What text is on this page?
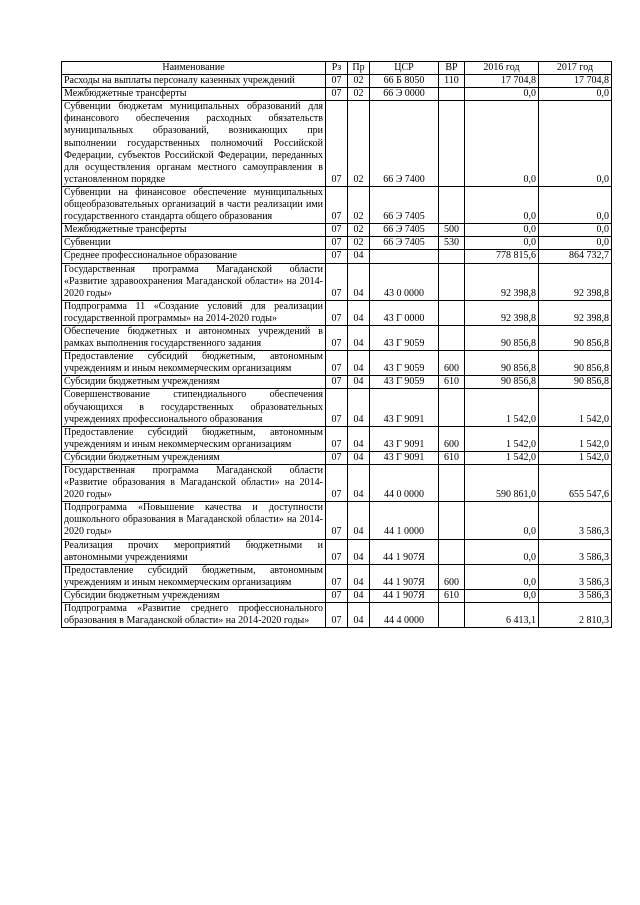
Наименование	Рз	Пр	ЦСР	ВР	2016 год	2017 год
Расходы на выплаты персоналу казенных учреждений	07	02	66 Б 8050	110	17 704,8	17 704,8
Межбюджетные трансферты	07	02	66 Э 0000		0,0	0,0
Субвенции бюджетам муниципальных образований для финансового обеспечения расходных обязательств муниципальных образований, возникающих при выполнении государственных полномочий Российской Федерации, субъектов Российской Федерации, переданных для осуществления органам местного самоуправления в установленном порядке	07	02	66 Э 7400		0,0	0,0
Субвенции на финансовое обеспечение муниципальных общеобразовательных организаций в части реализации ими государственного стандарта общего образования	07	02	66 Э 7405		0,0	0,0
Межбюджетные трансферты	07	02	66 Э 7405	500	0,0	0,0
Субвенции	07	02	66 Э 7405	530	0,0	0,0
Среднее профессиональное образование	07	04			778 815,6	864 732,7
Государственная программа Магаданской области «Развитие здравоохранения Магаданской области» на 2014-2020 годы»	07	04	43 0 0000		92 398,8	92 398,8
Подпрограмма 11 «Создание условий для реализации государственной программы» на 2014-2020 годы»	07	04	43 Г 0000		92 398,8	92 398,8
Обеспечение бюджетных и автономных учреждений в рамках выполнения государственного задания	07	04	43 Г 9059		90 856,8	90 856,8
Предоставление субсидий бюджетным, автономным учреждениям и иным некоммерческим организациям	07	04	43 Г 9059	600	90 856,8	90 856,8
Субсидии бюджетным учреждениям	07	04	43 Г 9059	610	90 856,8	90 856,8
Совершенствование стипендиального обеспечения обучающихся в государственных образовательных учреждениях профессионального образования	07	04	43 Г 9091		1 542,0	1 542,0
Предоставление субсидий бюджетным, автономным учреждениям и иным некоммерческим организациям	07	04	43 Г 9091	600	1 542,0	1 542,0
Субсидии бюджетным учреждениям	07	04	43 Г 9091	610	1 542,0	1 542,0
Государственная программа Магаданской области «Развитие образования в Магаданской области» на 2014-2020 годы»	07	04	44 0 0000		590 861,0	655 547,6
Подпрограмма «Повышение качества и доступности дошкольного образования в Магаданской области» на 2014-2020 годы»	07	04	44 1 0000		0,0	3 586,3
Реализация прочих мероприятий бюджетными и автономными учреждениями	07	04	44 1 907Я		0,0	3 586,3
Предоставление субсидий бюджетным, автономным учреждениям и иным некоммерческим организациям	07	04	44 1 907Я	600	0,0	3 586,3
Субсидии бюджетным учреждениям	07	04	44 1 907Я	610	0,0	3 586,3
Подпрограмма «Развитие среднего профессионального образования в Магаданской области» на 2014-2020 годы»	07	04	44 4 0000		6 413,1	2 810,3
